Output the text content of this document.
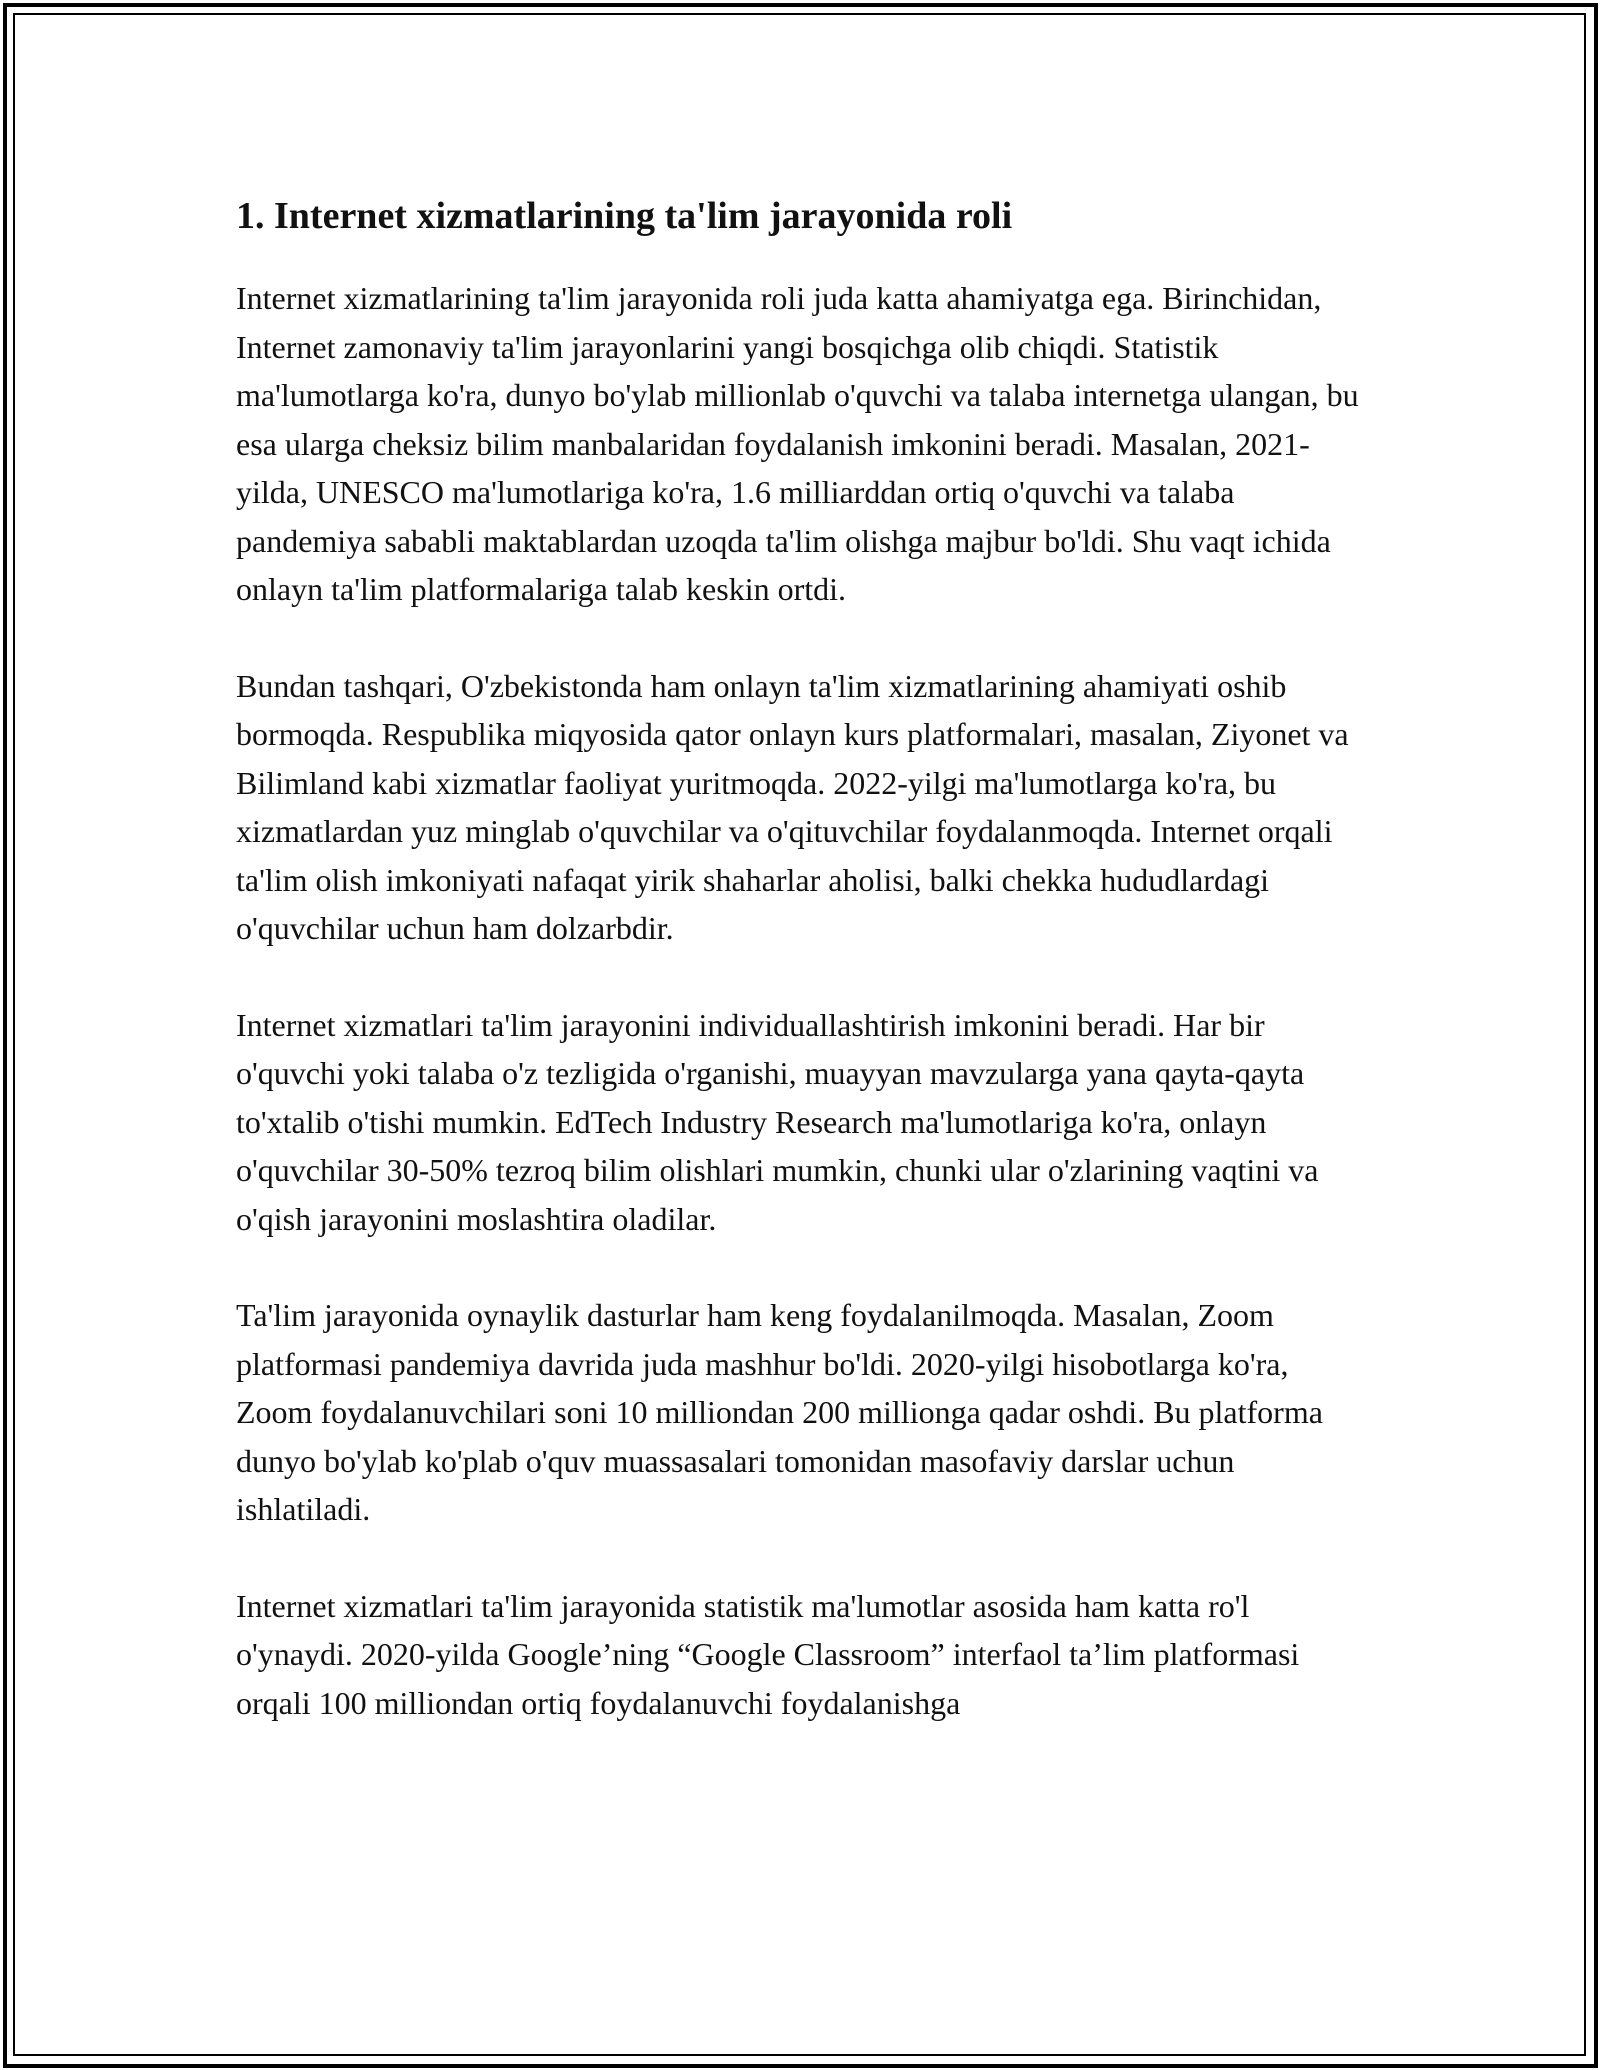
1. Internet xizmatlarining ta'lim jarayonida roli

Internet xizmatlarining ta'lim jarayonida roli juda katta ahamiyatga ega. Birinchidan, Internet zamonaviy ta'lim jarayonlarini yangi bosqichga olib chiqdi. Statistik ma'lumotlarga ko'ra, dunyo bo'ylab millionlab o'quvchi va talaba internetga ulangan, bu esa ularga cheksiz bilim manbalaridan foydalanish imkonini beradi. Masalan, 2021-yilda, UNESCO ma'lumotlariga ko'ra, 1.6 milliarddan ortiq o'quvchi va talaba pandemiya sababli maktablardan uzoqda ta'lim olishga majbur bo'ldi. Shu vaqt ichida onlayn ta'lim platformalariga talab keskin ortdi.

Bundan tashqari, O'zbekistonda ham onlayn ta'lim xizmatlarining ahamiyati oshib bormoqda. Respublika miqyosida qator onlayn kurs platformalari, masalan, Ziyonet va Bilimland kabi xizmatlar faoliyat yuritmoqda. 2022-yilgi ma'lumotlarga ko'ra, bu xizmatlardan yuz minglab o'quvchilar va o'qituvchilar foydalanmoqda. Internet orqali ta'lim olish imkoniyati nafaqat yirik shaharlar aholisi, balki chekka hududlardagi o'quvchilar uchun ham dolzarbdir.

Internet xizmatlari ta'lim jarayonini individuallashtirish imkonini beradi. Har bir o'quvchi yoki talaba o'z tezligida o'rganishi, muayyan mavzularga yana qayta-qayta to'xtalib o'tishi mumkin. EdTech Industry Research ma'lumotlariga ko'ra, onlayn o'quvchilar 30-50% tezroq bilim olishlari mumkin, chunki ular o'zlarining vaqtini va o'qish jarayonini moslashtira oladilar.

Ta'lim jarayonida oynaylik dasturlar ham keng foydalanilmoqda. Masalan, Zoom platformasi pandemiya davrida juda mashhur bo'ldi. 2020-yilgi hisobotlarga ko'ra, Zoom foydalanuvchilari soni 10 milliondan 200 millionga qadar oshdi. Bu platforma dunyo bo'ylab ko'plab o'quv muassasalari tomonidan masofaviy darslar uchun ishlatiladi.

Internet xizmatlari ta'lim jarayonida statistik ma'lumotlar asosida ham katta ro'l o'ynaydi. 2020-yilda Google’ning “Google Classroom” interfaol ta’lim platformasi orqali 100 milliondan ortiq foydalanuvchi foydalanishga
